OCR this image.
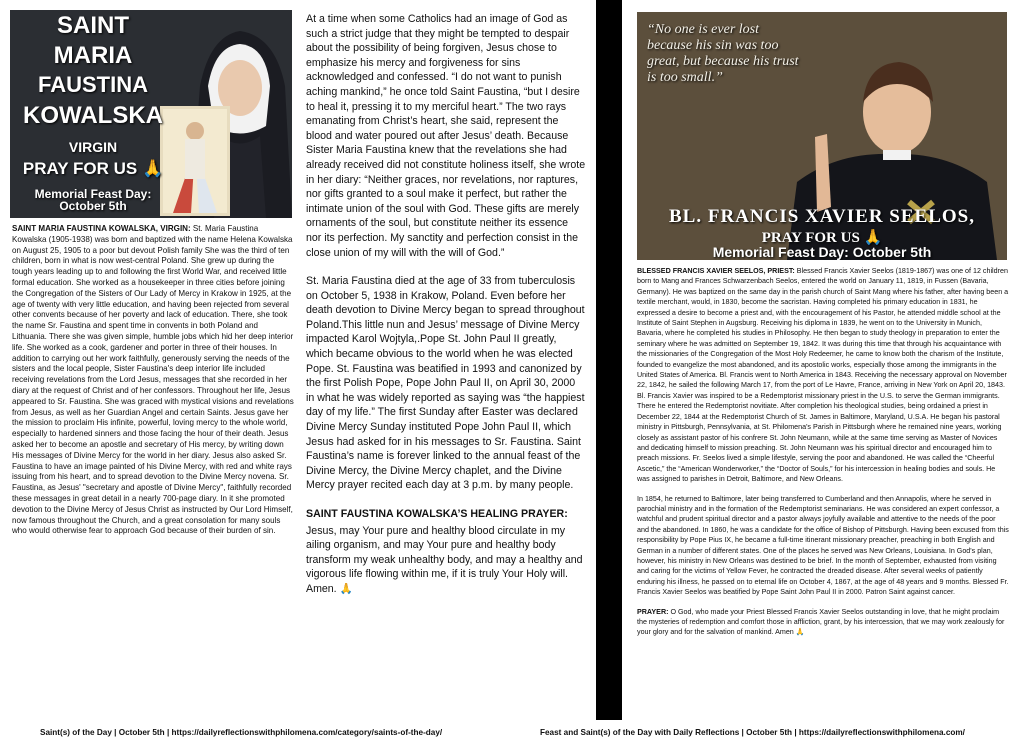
SAINT
MARIA
FAUSTINA
KOWALSKA
VIRGIN
PRAY FOR US 🙏
Memorial Feast Day:
October 5th
SAINT MARIA FAUSTINA KOWALSKA, VIRGIN: St. Maria Faustina Kowalska (1905-1938) was born and baptized with the name Helena Kowalska on August 25, 1905 to a poor but devout Polish family She was the third of ten children, born in what is now west-central Poland. She grew up during the tough years leading up to and following the first World War, and received little formal education. She worked as a housekeeper in three cities before joining the Congregation of the Sisters of Our Lady of Mercy in Krakow in 1925, at the age of twenty with very little education, and having been rejected from several other convents because of her poverty and lack of education. There, she took the name Sr. Faustina and spent time in convents in both Poland and Lithuania. There she was given simple, humble jobs which hid her deep interior life. She worked as a cook, gardener and porter in three of their houses. In addition to carrying out her work faithfully, generously serving the needs of the sisters and the local people, Sister Faustina's deep interior life included receiving revelations from the Lord Jesus, messages that she recorded in her diary at the request of Christ and of her confessors. Throughout her life, Jesus appeared to Sr. Faustina. She was graced with mystical visions and revelations from Jesus, as well as her Guardian Angel and certain Saints. Jesus gave her the mission to proclaim His infinite, powerful, loving mercy to the whole world, especially to hardened sinners and those facing the hour of their death. Jesus asked her to become an apostle and secretary of His mercy, by writing down His messages of Divine Mercy for the world in her diary. Jesus also asked Sr. Faustina to have an image painted of his Divine Mercy, with red and white rays issuing from his heart, and to spread devotion to the Divine Mercy novena. Sr. Faustina, as Jesus' "secretary and apostle of Divine Mercy", faithfully recorded these messages in great detail in a nearly 700-page diary. In it she promoted devotion to the Divine Mercy of Jesus Christ as instructed by Our Lord Himself, now famous throughout the Church, and a great consolation for many souls who would otherwise fear to approach God because of their burden of sin.

At a time when some Catholics had an image of God as such a strict judge that they might be tempted to despair about the possibility of being forgiven, Jesus chose to emphasize his mercy and forgiveness for sins acknowledged and confessed. “I do not want to punish aching mankind,” he once told Saint Faustina, “but I desire to heal it, pressing it to my merciful heart.” The two rays emanating from Christ’s heart, she said, represent the blood and water poured out after Jesus’ death. Because Sister Maria Faustina knew that the revelations she had already received did not constitute holiness itself, she wrote in her diary: “Neither graces, nor revelations, nor raptures, nor gifts granted to a soul make it perfect, but rather the intimate union of the soul with God. These gifts are merely ornaments of the soul, but constitute neither its essence nor its perfection. My sanctity and perfection consist in the close union of my will with the will of God.”

St. Maria Faustina died at the age of 33 from tuberculosis on October 5, 1938 in Krakow, Poland. Even before her death devotion to Divine Mercy began to spread throughout Poland.This little nun and Jesus’ message of Divine Mercy impacted Karol Wojtyla,.Pope St. John Paul II greatly, which became obvious to the world when he was elected Pope. St. Faustina was beatified in 1993 and canonized by the first Polish Pope, Pope John Paul II, on April 30, 2000 in what he was widely reported as saying was “the happiest day of my life.” The first Sunday after Easter was declared Divine Mercy Sunday instituted Pope John Paul II, which Jesus had asked for in his messages to Sr. Faustina. Saint Faustina’s name is forever linked to the annual feast of the Divine Mercy, the Divine Mercy chaplet, and the Divine Mercy prayer recited each day at 3 p.m. by many people.

SAINT FAUSTINA KOWALSKA’S HEALING PRAYER:

Jesus, may Your pure and healthy blood circulate in my ailing organism, and may Your pure and healthy body transform my weak unhealthy body, and may a healthy and vigorous life flowing within me, if it is truly Your Holy will. Amen. 🙏

“No one is ever lost because his sin was too great, but because his trust is too small.”
BL. FRANCIS XAVIER SEELOS,
PRAY FOR US 🙏
Memorial Feast Day: October 5th

BLESSED FRANCIS XAVIER SEELOS, PRIEST: Blessed Francis Xavier Seelos (1819-1867) was one of 12 children born to Mang and Frances Schwarzenbach Seelos, entered the world on January 11, 1819, in Fussen (Bavaria, Germany). He was baptized on the same day in the parish church of Saint Mang where his father, after having been a textile merchant, would, in 1830, become the sacristan. Having completed his primary education in 1831, he expressed a desire to become a priest and, with the encouragement of his Pastor, he attended middle school at the Institute of Saint Stephen in Augsburg. Receiving his diploma in 1839, he went on to the University in Munich, Bavaria, where he completed his studies in Philosophy. He then began to study theology in preparation to enter the seminary where he was admitted on September 19, 1842. It was during this time that through his acquaintance with the missionaries of the Congregation of the Most Holy Redeemer, he came to know both the charism of the Institute, founded to evangelize the most abandoned, and its apostolic works, especially those among the immigrants in the United States of America. Bl. Francis went to North America in 1843. Receiving the necessary approval on November 22, 1842, he sailed the following March 17, from the port of Le Havre, France, arriving in New York on April 20, 1843. Bl. Francis Xavier was inspired to be a Redemptorist missionary priest in the U.S. to serve the German immigrants. There he entered the Redemptorist novitiate. After completion his theological studies, being ordained a priest in December 22, 1844 at the Redemptorist Church of St. James in Baltimore, Maryland, U.S.A. He began his pastoral ministry in Pittsburgh, Pennsylvania, at St. Philomena's Parish in Pittsburgh where he remained nine years, working closely as assistant pastor of his confrere St. John Neumann, while at the same time serving as Master of Novices and dedicating himself to mission preaching. St. John Neumann was his spiritual director and encouraged him to preach missions. Fr. Seelos lived a simple lifestyle, serving the poor and abandoned. He was called the “Cheerful Ascetic,” the “American Wonderworker,” the “Doctor of Souls,” for his intercession in healing bodies and souls. He was assigned to parishes in Detroit, Baltimore, and New Orleans.

In 1854, he returned to Baltimore, later being transferred to Cumberland and then Annapolis, where he served in parochial ministry and in the formation of the Redemptorist seminarians. He was considered an expert confessor, a watchful and prudent spiritual director and a pastor always joyfully available and attentive to the needs of the poor and the abandoned. In 1860, he was a candidate for the office of Bishop of Pittsburgh. Having been excused from this responsibility by Pope Pius IX, he became a full-time itinerant missionary preacher, preaching in both English and German in a number of different states. One of the places he served was New Orleans, Louisiana. In God's plan, however, his ministry in New Orleans was destined to be brief. In the month of September, exhausted from visiting and caring for the victims of Yellow Fever, he contracted the dreaded disease. After several weeks of patiently enduring his illness, he passed on to eternal life on October 4, 1867, at the age of 48 years and 9 months. Blessed Fr. Francis Xavier Seelos was beatified by Pope Saint John Paul II in 2000. Patron Saint against cancer.

PRAYER: O God, who made your Priest Blessed Francis Xavier Seelos outstanding in love, that he might proclaim the mysteries of redemption and comfort those in affliction, grant, by his intercession, that we may work zealously for your glory and for the salvation of mankind. Amen 🙏

Saint(s) of the Day | October 5th | https://dailyreflectionswithphilomena.com/category/saints-of-the-day/	Feast and Saint(s) of the Day with Daily Reflections | October 5th | https://dailyreflectionswithphilomena.com/
